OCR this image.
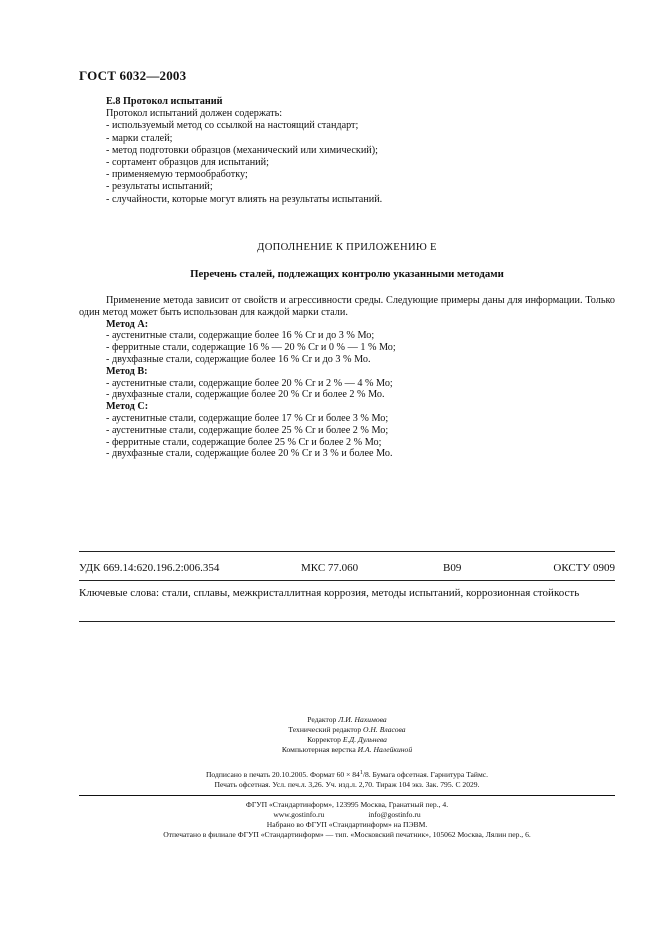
ГОСТ 6032—2003
Е.8 Протокол испытаний
Протокол испытаний должен содержать:
- используемый метод со ссылкой на настоящий стандарт;
- марки сталей;
- метод подготовки образцов (механический или химический);
- сортамент образцов для испытаний;
- применяемую термообработку;
- результаты испытаний;
- случайности, которые могут влиять на результаты испытаний.
ДОПОЛНЕНИЕ К ПРИЛОЖЕНИЮ Е
Перечень сталей, подлежащих контролю указанными методами
Применение метода зависит от свойств и агрессивности среды. Следующие примеры даны для информации. Только один метод может быть использован для каждой марки стали.
Метод А:
- аустенитные стали, содержащие более 16 % Cr и до 3 % Мо;
- ферритные стали, содержащие 16 % — 20 % Cr и 0 % — 1 % Мо;
- двухфазные стали, содержащие более 16 % Cr и до 3 % Мо.
Метод В:
- аустенитные стали, содержащие более 20 % Cr и 2 % — 4 % Мо;
- двухфазные стали, содержащие более 20 % Cr и более 2 % Мо.
Метод С:
- аустенитные стали, содержащие более 17 % Cr и более 3 % Мо;
- аустенитные стали, содержащие более 25 % Cr и более 2 % Мо;
- ферритные стали, содержащие более 25 % Cr и более 2 % Мо;
- двухфазные стали, содержащие более 20 % Cr и 3 % и более Мо.
УДК 669.14:620.196.2:006.354	МКС 77.060	В09	ОКСТУ 0909
Ключевые слова: стали, сплавы, межкристаллитная коррозия, методы испытаний, коррозионная стойкость
Редактор Л.И. Нахимова
Технический редактор О.Н. Власова
Корректор Е.Д. Дульнева
Компьютерная верстка И.А. Налейкиной
Подписано в печать 20.10.2005. Формат $60 \times 84^1/8$. Бумага офсетная. Гарнитура Таймс.
Печать офсетная. Усл. печ.л. 3,26. Уч. изд.л. 2,70. Тираж 104 экз. Зак. 795. С 2029.
ФГУП «Стандартинформ», 123995 Москва, Гранатный пер., 4.
www.gostinfo.ru	info@gostinfo.ru
Набрано во ФГУП «Стандартинформ» на ПЭВМ.
Отпечатано в филиале ФГУП «Стандартинформ» — тип. «Московский печатник», 105062 Москва, Лялин пер., 6.
